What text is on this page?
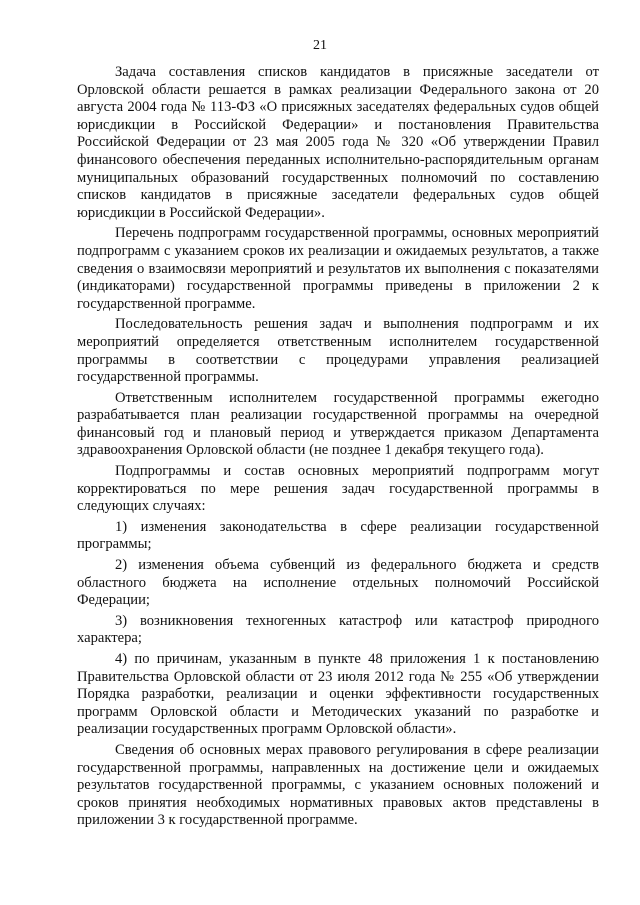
21

Задача составления списков кандидатов в присяжные заседатели от Орловской области решается в рамках реализации Федерального закона от 20 августа 2004 года № 113-ФЗ «О присяжных заседателях федеральных судов общей юрисдикции в Российской Федерации» и постановления Правительства Российской Федерации от 23 мая 2005 года № 320 «Об утверждении Правил финансового обеспечения переданных исполнительно-распорядительным органам муниципальных образований государственных полномочий по составлению списков кандидатов в присяжные заседатели федеральных судов общей юрисдикции в Российской Федерации».

Перечень подпрограмм государственной программы, основных мероприятий подпрограмм с указанием сроков их реализации и ожидаемых результатов, а также сведения о взаимосвязи мероприятий и результатов их выполнения с показателями (индикаторами) государственной программы приведены в приложении 2 к государственной программе.

Последовательность решения задач и выполнения подпрограмм и их мероприятий определяется ответственным исполнителем государственной программы в соответствии с процедурами управления реализацией государственной программы.

Ответственным исполнителем государственной программы ежегодно разрабатывается план реализации государственной программы на очередной финансовый год и плановый период и утверждается приказом Департамента здравоохранения Орловской области (не позднее 1 декабря текущего года).

Подпрограммы и состав основных мероприятий подпрограмм могут корректироваться по мере решения задач государственной программы в следующих случаях:

1) изменения законодательства в сфере реализации государственной программы;

2) изменения объема субвенций из федерального бюджета и средств областного бюджета на исполнение отдельных полномочий Российской Федерации;

3) возникновения техногенных катастроф или катастроф природного характера;

4) по причинам, указанным в пункте 48 приложения 1 к постановлению Правительства Орловской области от 23 июля 2012 года № 255 «Об утверждении Порядка разработки, реализации и оценки эффективности государственных программ Орловской области и Методических указаний по разработке и реализации государственных программ Орловской области».

Сведения об основных мерах правового регулирования в сфере реализации государственной программы, направленных на достижение цели и ожидаемых результатов государственной программы, с указанием основных положений и сроков принятия необходимых нормативных правовых актов представлены в приложении 3 к государственной программе.
